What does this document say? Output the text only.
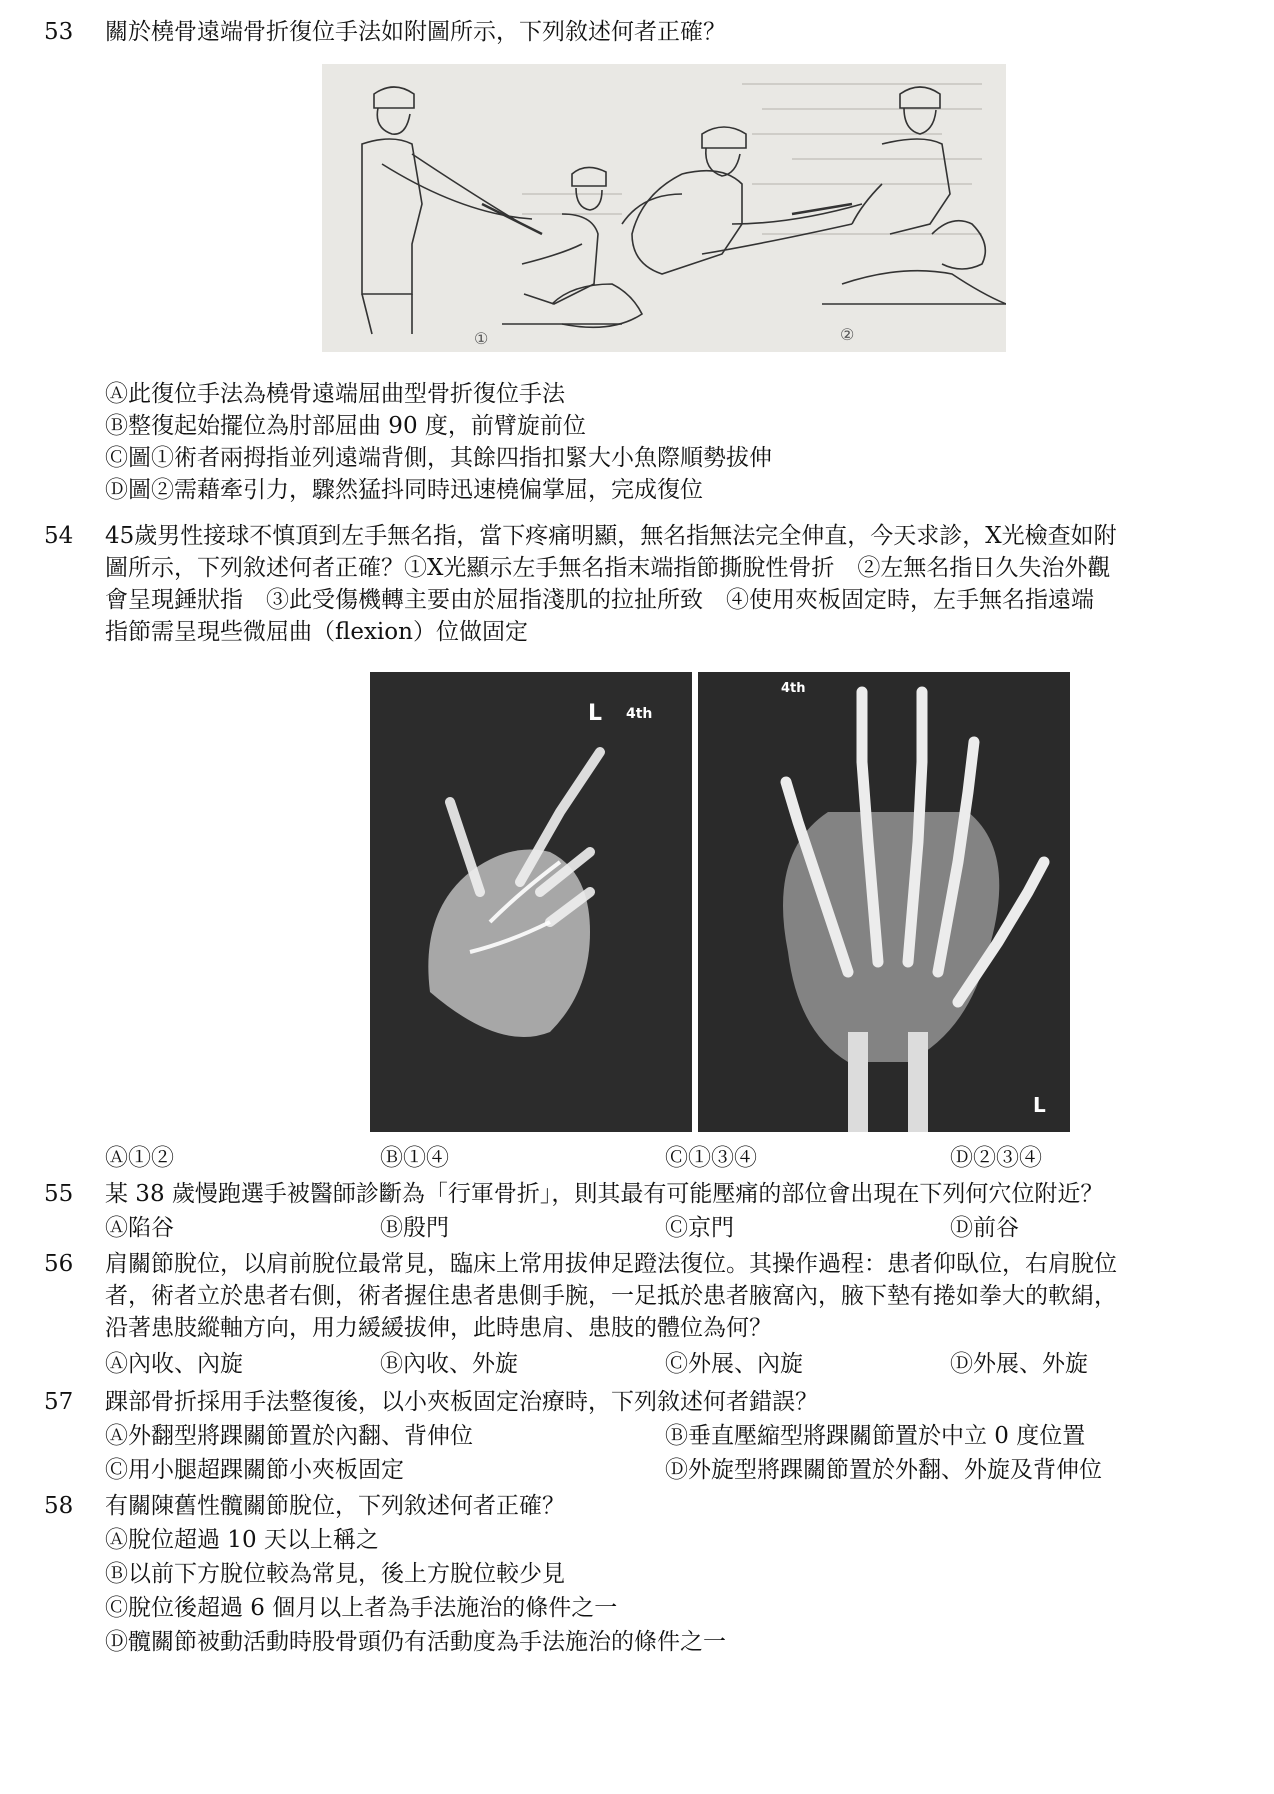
53 關於橈骨遠端骨折復位手法如附圖所示，下列敘述何者正確？
①	②
Ⓐ此復位手法為橈骨遠端屈曲型骨折復位手法
Ⓑ整復起始擺位為肘部屈曲 90 度，前臂旋前位
Ⓒ圖①術者兩拇指並列遠端背側，其餘四指扣緊大小魚際順勢拔伸
Ⓓ圖②需藉牽引力，驟然猛抖同時迅速橈偏掌屈，完成復位
54 45歲男性接球不慎頂到左手無名指，當下疼痛明顯，無名指無法完全伸直，今天求診，X光檢查如附
圖所示，下列敘述何者正確？①X光顯示左手無名指末端指節撕脫性骨折　②左無名指日久失治外觀
會呈現錘狀指　③此受傷機轉主要由於屈指淺肌的拉扯所致　④使用夾板固定時，左手無名指遠端
指節需呈現些微屈曲（flexion）位做固定
L 4th
4th
L
Ⓐ①②	Ⓑ①④	Ⓒ①③④	Ⓓ②③④
55 某 38 歲慢跑選手被醫師診斷為「行軍骨折」，則其最有可能壓痛的部位會出現在下列何穴位附近？
Ⓐ陷谷	Ⓑ殷門	Ⓒ京門	Ⓓ前谷
56 肩關節脫位，以肩前脫位最常見，臨床上常用拔伸足蹬法復位。其操作過程：患者仰臥位，右肩脫位
者，術者立於患者右側，術者握住患者患側手腕，一足抵於患者腋窩內，腋下墊有捲如拳大的軟絹，
沿著患肢縱軸方向，用力緩緩拔伸，此時患肩、患肢的體位為何？
Ⓐ內收、內旋	Ⓑ內收、外旋	Ⓒ外展、內旋	Ⓓ外展、外旋
57 踝部骨折採用手法整復後，以小夾板固定治療時，下列敘述何者錯誤？
Ⓐ外翻型將踝關節置於內翻、背伸位	Ⓑ垂直壓縮型將踝關節置於中立 0 度位置
Ⓒ用小腿超踝關節小夾板固定	Ⓓ外旋型將踝關節置於外翻、外旋及背伸位
58 有關陳舊性髖關節脫位，下列敘述何者正確？
Ⓐ脫位超過 10 天以上稱之
Ⓑ以前下方脫位較為常見，後上方脫位較少見
Ⓒ脫位後超過 6 個月以上者為手法施治的條件之一
Ⓓ髖關節被動活動時股骨頭仍有活動度為手法施治的條件之一
